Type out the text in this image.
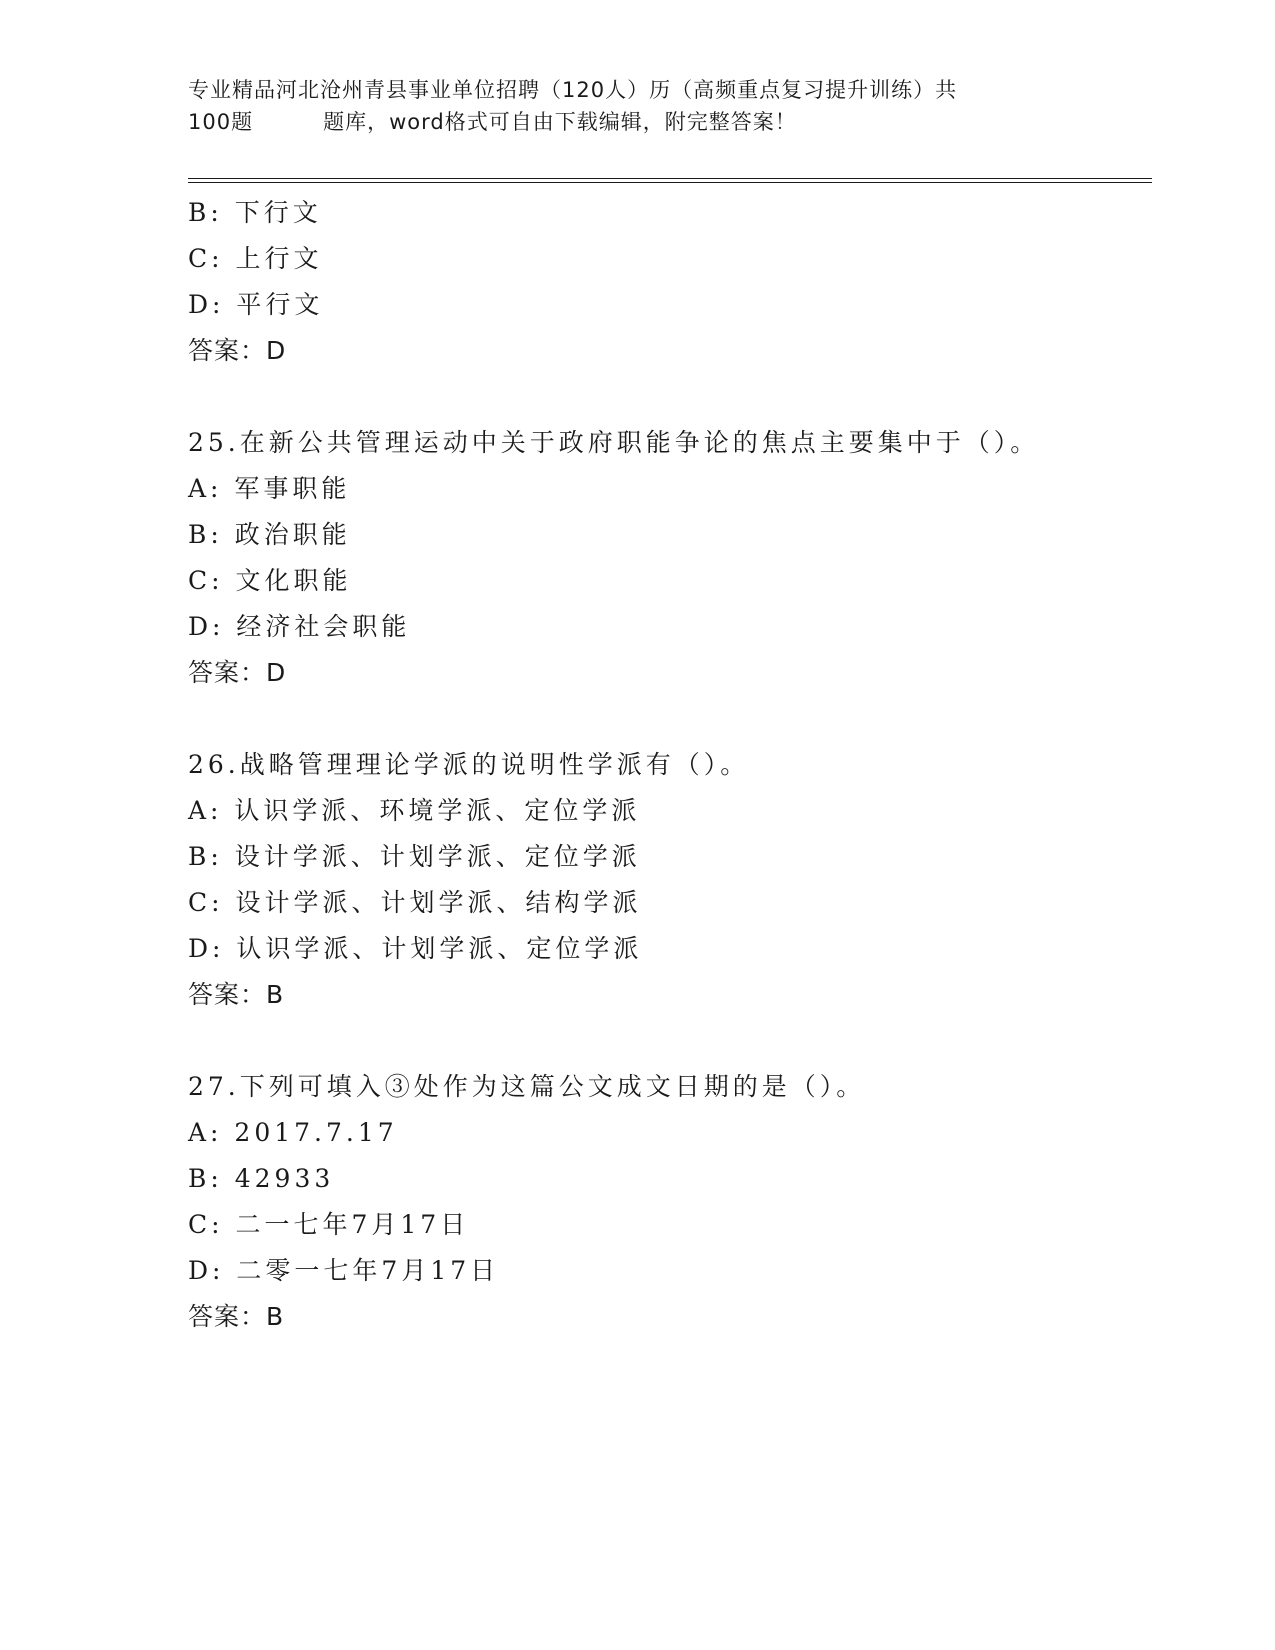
专业精品河北沧州青县事业单位招聘（120人）历（高频重点复习提升训练）共
100题	题库，word格式可自由下载编辑，附完整答案！
B: 下行文
C: 上行文
D: 平行文
答案：D
25.在新公共管理运动中关于政府职能争论的焦点主要集中于（）。
A: 军事职能
B: 政治职能
C: 文化职能
D: 经济社会职能
答案：D
26.战略管理理论学派的说明性学派有（）。
A: 认识学派、环境学派、定位学派
B: 设计学派、计划学派、定位学派
C: 设计学派、计划学派、结构学派
D: 认识学派、计划学派、定位学派
答案：B
27.下列可填入③处作为这篇公文成文日期的是（）。
A: 2017.7.17
B: 42933
C: 二一七年7月17日
D: 二零一七年7月17日
答案：B
